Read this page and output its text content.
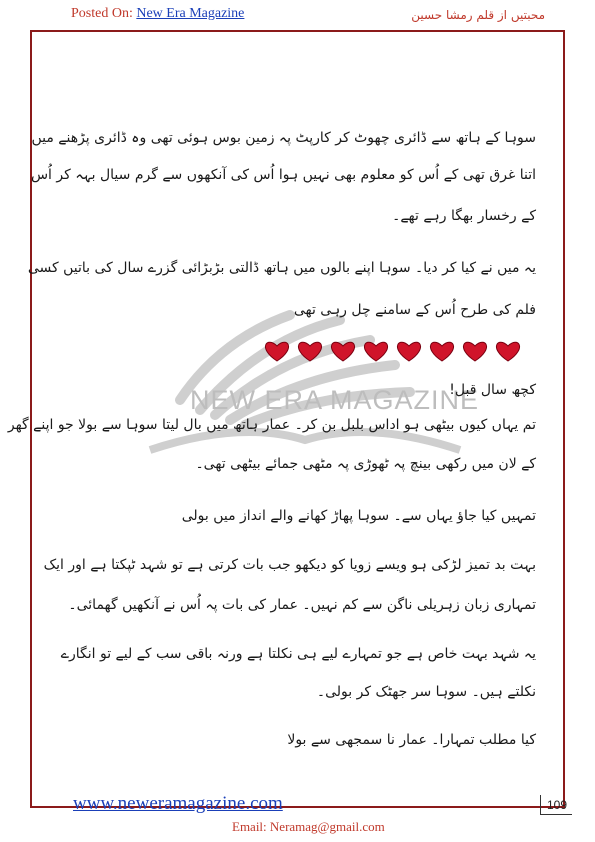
Posted On: New Era Magazine	محبتیں از قلم رمشا حسین
NEW ERA MAGAZINE
سوہا کے ہاتھ سے ڈائری چھوٹ کر کارپٹ پہ زمین بوس ہوئی تھی وہ ڈائری پڑھنے میں
اتنا غرق تھی کے اُس کو معلوم بھی نہیں ہوا اُس کی آنکھوں سے گرم سیال بہہ کر اُس
کے رخسار بھگا رہے تھے۔
یہ میں نے کیا کر دیا۔ سوہا اپنے بالوں میں ہاتھ ڈالتی بڑبڑائی گزرے سال کی باتیں کسی
فلم کی طرح اُس کے سامنے چل رہی تھی
کچھ سال قبل!
تم یہاں کیوں بیٹھی ہو اداس بلبل بن کر۔ عمار ہاتھ میں بال لیتا سوہا سے بولا جو اپنے گھر
کے لان میں رکھی بینچ پہ ٹھوڑی پہ مٹھی جمائے بیٹھی تھی۔
تمہیں کیا جاؤ یہاں سے۔ سوہا پھاڑ کھانے والے انداز میں بولی
بہت بد تمیز لڑکی ہو ویسے زویا کو دیکھو جب بات کرتی ہے تو شہد ٹپکتا ہے اور ایک
تمہاری زبان زہریلی ناگن سے کم نہیں۔ عمار کی بات پہ اُس نے آنکھیں گھمائی۔
یہ شہد بہت خاص ہے جو تمہارے لیے ہی نکلتا ہے ورنہ باقی سب کے لیے تو انگارے
نکلتے ہیں۔ سوہا سر جھٹک کر بولی۔
کیا مطلب تمہارا۔ عمار نا سمجھی سے بولا
www.neweramagazine.com	109
Email: Neramag@gmail.com
